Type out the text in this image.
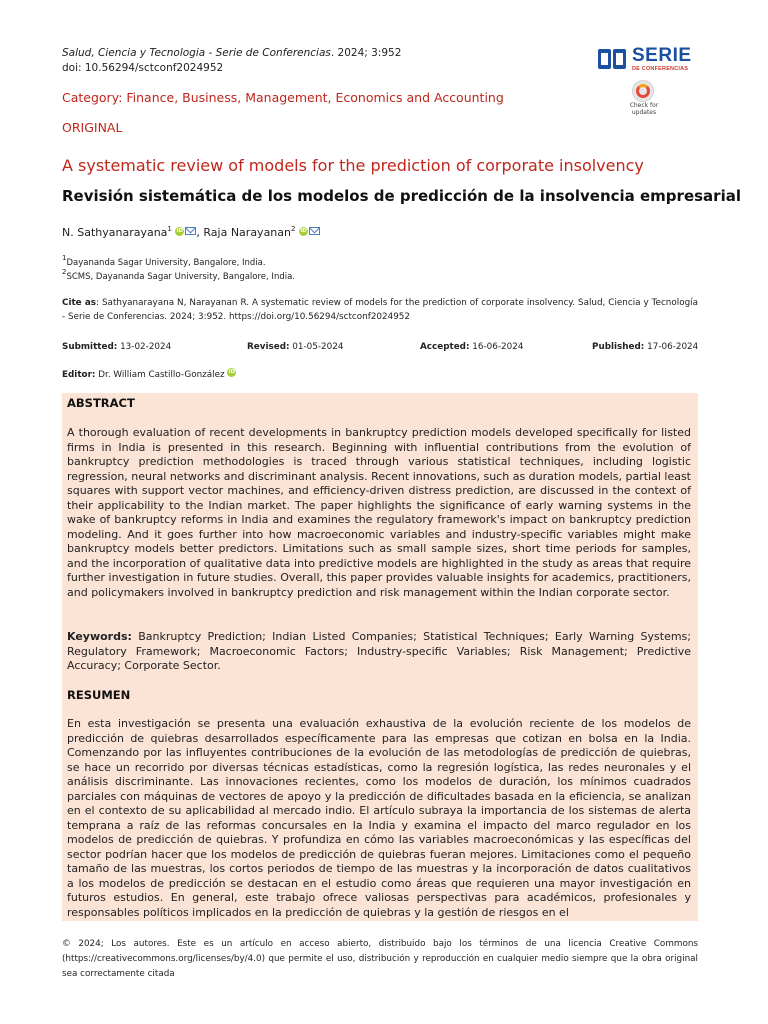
Salud, Ciencia y Tecnologia - Serie de Conferencias. 2024; 3:952
doi: 10.56294/sctconf2024952
SERIE
DE CONFERENCIAS
Check for
updates
Category: Finance, Business, Management, Economics and Accounting
ORIGINAL
A systematic review of models for the prediction of corporate insolvency
Revisión sistemática de los modelos de predicción de la insolvencia empresarial
N. Sathyanarayana$^1$ iD , Raja Narayanan$^2$ iD
$^1$Dayananda Sagar University, Bangalore, India.
$^2$SCMS, Dayananda Sagar University, Bangalore, India.
Cite as: Sathyanarayana N, Narayanan R. A systematic review of models for the prediction of corporate insolvency. Salud, Ciencia y Tecnología - Serie de Conferencias. 2024; 3:952. https://doi.org/10.56294/sctconf2024952
Submitted: 13-02-2024	Revised: 01-05-2024	Accepted: 16-06-2024	Published: 17-06-2024
Editor: Dr. William Castillo-González iD
ABSTRACT
A thorough evaluation of recent developments in bankruptcy prediction models developed specifically for listed firms in India is presented in this research. Beginning with influential contributions from the evolution of bankruptcy prediction methodologies is traced through various statistical techniques, including logistic regression, neural networks and discriminant analysis. Recent innovations, such as duration models, partial least squares with support vector machines, and efficiency-driven distress prediction, are discussed in the context of their applicability to the Indian market. The paper highlights the significance of early warning systems in the wake of bankruptcy reforms in India and examines the regulatory framework's impact on bankruptcy prediction modeling. And it goes further into how macroeconomic variables and industry-specific variables might make bankruptcy models better predictors. Limitations such as small sample sizes, short time periods for samples, and the incorporation of qualitative data into predictive models are highlighted in the study as areas that require further investigation in future studies. Overall, this paper provides valuable insights for academics, practitioners, and policymakers involved in bankruptcy prediction and risk management within the Indian corporate sector.
Keywords: Bankruptcy Prediction; Indian Listed Companies; Statistical Techniques; Early Warning Systems; Regulatory Framework; Macroeconomic Factors; Industry-specific Variables; Risk Management; Predictive Accuracy; Corporate Sector.
RESUMEN
En esta investigación se presenta una evaluación exhaustiva de la evolución reciente de los modelos de predicción de quiebras desarrollados específicamente para las empresas que cotizan en bolsa en la India. Comenzando por las influyentes contribuciones de la evolución de las metodologías de predicción de quiebras, se hace un recorrido por diversas técnicas estadísticas, como la regresión logística, las redes neuronales y el análisis discriminante. Las innovaciones recientes, como los modelos de duración, los mínimos cuadrados parciales con máquinas de vectores de apoyo y la predicción de dificultades basada en la eficiencia, se analizan en el contexto de su aplicabilidad al mercado indio. El artículo subraya la importancia de los sistemas de alerta temprana a raíz de las reformas concursales en la India y examina el impacto del marco regulador en los modelos de predicción de quiebras. Y profundiza en cómo las variables macroeconómicas y las específicas del sector podrían hacer que los modelos de predicción de quiebras fueran mejores. Limitaciones como el pequeño tamaño de las muestras, los cortos periodos de tiempo de las muestras y la incorporación de datos cualitativos a los modelos de predicción se destacan en el estudio como áreas que requieren una mayor investigación en futuros estudios. En general, este trabajo ofrece valiosas perspectivas para académicos, profesionales y responsables políticos implicados en la predicción de quiebras y la gestión de riesgos en el
© 2024; Los autores. Este es un artículo en acceso abierto, distribuido bajo los términos de una licencia Creative Commons (https://creativecommons.org/licenses/by/4.0) que permite el uso, distribución y reproducción en cualquier medio siempre que la obra original sea correctamente citada
